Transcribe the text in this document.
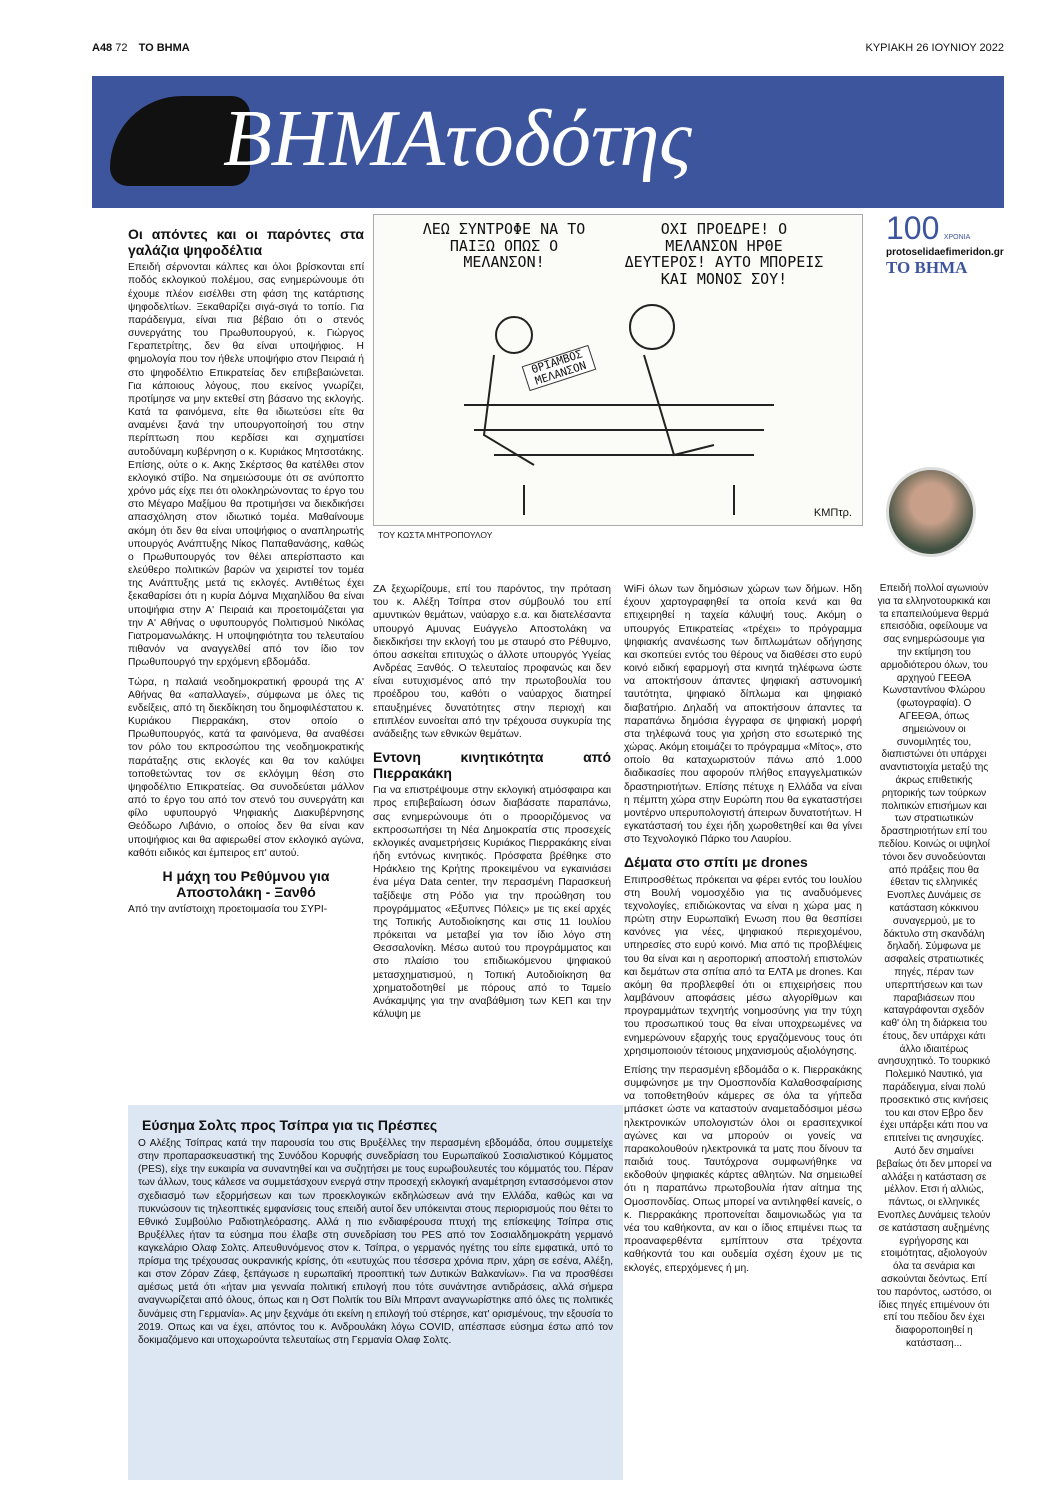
A48 72 ΤΟ ΒΗΜΑ	ΚΥΡΙΑΚΗ 26 ΙΟΥΝΙΟΥ 2022
ΒΗΜΑτοδότης
Οι απόντες και οι παρόντες στα γαλάζια ψηφοδέλτια

Επειδή σέρνονται κάλπες και όλοι βρίσκονται επί ποδός εκλογικού πολέμου, σας ενημερώνουμε ότι έχουμε πλέον εισέλθει στη φάση της κατάρτισης ψηφοδελτίων. Ξεκαθαρίζει σιγά-σιγά το τοπίο. Για παράδειγμα, είναι πια βέβαιο ότι ο στενός συνεργάτης του Πρωθυπουργού, κ. Γιώργος Γεραπετρίτης, δεν θα είναι υποψήφιος. Η φημολογία που τον ήθελε υποψήφιο στον Πειραιά ή στο ψηφοδέλτιο Επικρατείας δεν επιβεβαιώνεται. Για κάποιους λόγους, που εκείνος γνωρίζει, προτίμησε να μην εκτεθεί στη βάσανο της εκλογής. Κατά τα φαινόμενα, είτε θα ιδιωτεύσει είτε θα αναμένει ξανά την υπουργοποίησή του στην περίπτωση που κερδίσει και σχηματίσει αυτοδύναμη κυβέρνηση ο κ. Κυριάκος Μητσοτάκης. Επίσης, ούτε ο κ. Ακης Σκέρτσος θα κατέλθει στον εκλογικό στίβο. Να σημειώσουμε ότι σε ανύποπτο χρόνο μάς είχε πει ότι ολοκληρώνοντας το έργο του στο Μέγαρο Μαξίμου θα προτιμήσει να διεκδικήσει απασχόληση στον ιδιωτικό τομέα. Μαθαίνουμε ακόμη ότι δεν θα είναι υποψήφιος ο αναπληρωτής υπουργός Ανάπτυξης Νίκος Παπαθανάσης, καθώς ο Πρωθυπουργός τον θέλει απερίσπαστο και ελεύθερο πολιτικών βαρών να χειριστεί τον τομέα της Ανάπτυξης μετά τις εκλογές. Αντιθέτως έχει ξεκαθαρίσει ότι η κυρία Δόμνα Μιχαηλίδου θα είναι υποψήφια στην Α' Πειραιά και προετοιμάζεται για την Α' Αθήνας ο υφυπουργός Πολιτισμού Νικόλας Γιατρομανωλάκης. Η υποψηφιότητα του τελευταίου πιθανόν να αναγγελθεί από τον ίδιο τον Πρωθυπουργό την ερχόμενη εβδομάδα.

Τώρα, η παλαιά νεοδημοκρατική φρουρά της Α' Αθήνας θα «απαλλαγεί», σύμφωνα με όλες τις ενδείξεις, από τη διεκδίκηση του δημοφιλέστατου κ. Κυριάκου Πιερρακάκη, στον οποίο ο Πρωθυπουργός, κατά τα φαινόμενα, θα αναθέσει τον ρόλο του εκπροσώπου της νεοδημοκρατικής παράταξης στις εκλογές και θα τον καλύψει τοποθετώντας τον σε εκλόγιμη θέση στο ψηφοδέλτιο Επικρατείας. Θα συνοδεύεται μάλλον από το έργο του από τον στενό του συνεργάτη και φίλο υφυπουργό Ψηφιακής Διακυβέρνησης Θεόδωρο Λιβάνιο, ο οποίος δεν θα είναι καν υποψήφιος και θα αφιερωθεί στον εκλογικό αγώνα, καθότι ειδικός και έμπειρος επ' αυτού.

Η μάχη του Ρεθύμνου για Αποστολάκη - Ξανθό

Από την αντίστοιχη προετοιμασία του ΣΥΡΙ-

ΛΕΩ ΣΥΝΤΡΟΦΕ ΝΑ ΤΟ ΠΑΙΞΩ ΟΠΩΣ Ο ΜΕΛΑΝΣΟΝ!
ΟΧΙ ΠΡΟΕΔΡΕ! Ο ΜΕΛΑΝΣΟΝ ΗΡΘΕ ΔΕΥΤΕΡΟΣ! ΑΥΤΟ ΜΠΟΡΕΙΣ ΚΑΙ ΜΟΝΟΣ ΣΟΥ!
ΘΡΙΑΜΒΟΣ ΜΕΛΑΝΣΟΝ
ΚΜΠτρ.
ΤΟΥ ΚΩΣΤΑ ΜΗΤΡΟΠΟΥΛΟΥ

ΖΑ ξεχωρίζουμε, επί του παρόντος, την πρόταση του κ. Αλέξη Τσίπρα στον σύμβουλό του επί αμυντικών θεμάτων, ναύαρχο ε.α. και διατελέσαντα υπουργό Αμυνας Ευάγγελο Αποστολάκη να διεκδικήσει την εκλογή του με σταυρό στο Ρέθυμνο, όπου ασκείται επιτυχώς ο άλλοτε υπουργός Υγείας Ανδρέας Ξανθός. Ο τελευταίος προφανώς και δεν είναι ευτυχισμένος από την πρωτοβουλία του προέδρου του, καθότι ο ναύαρχος διατηρεί επαυξημένες δυνατότητες στην περιοχή και επιπλέον ευνοείται από την τρέχουσα συγκυρία της ανάδειξης των εθνικών θεμάτων.

Εντονη κινητικότητα από Πιερρακάκη

Για να επιστρέψουμε στην εκλογική ατμόσφαιρα και προς επιβεβαίωση όσων διαβάσατε παραπάνω, σας ενημερώνουμε ότι ο προοριζόμενος να εκπροσωπήσει τη Νέα Δημοκρατία στις προσεχείς εκλογικές αναμετρήσεις Κυριάκος Πιερρακάκης είναι ήδη εντόνως κινητικός. Πρόσφατα βρέθηκε στο Ηράκλειο της Κρήτης προκειμένου να εγκαινιάσει ένα μέγα Data center, την περασμένη Παρασκευή ταξίδεψε στη Ρόδο για την προώθηση του προγράμματος «Εξυπνες Πόλεις» με τις εκεί αρχές της Τοπικής Αυτοδιοίκησης και στις 11 Ιουλίου πρόκειται να μεταβεί για τον ίδιο λόγο στη Θεσσαλονίκη. Μέσω αυτού του προγράμματος και στο πλαίσιο του επιδιωκόμενου ψηφιακού μετασχηματισμού, η Τοπική Αυτοδιοίκηση θα χρηματοδοτηθεί με πόρους από το Ταμείο Ανάκαμψης για την αναβάθμιση των ΚΕΠ και την κάλυψη με

WiFi όλων των δημόσιων χώρων των δήμων. Ηδη έχουν χαρτογραφηθεί τα οποία κενά και θα επιχειρηθεί η ταχεία κάλυψή τους. Ακόμη ο υπουργός Επικρατείας «τρέχει» το πρόγραμμα ψηφιακής ανανέωσης των διπλωμάτων οδήγησης και σκοπεύει εντός του θέρους να διαθέσει στο ευρύ κοινό ειδική εφαρμογή στα κινητά τηλέφωνα ώστε να αποκτήσουν άπαντες ψηφιακή αστυνομική ταυτότητα, ψηφιακό δίπλωμα και ψηφιακό διαβατήριο. Δηλαδή να αποκτήσουν άπαντες τα παραπάνω δημόσια έγγραφα σε ψηφιακή μορφή στα τηλέφωνά τους για χρήση στο εσωτερικό της χώρας. Ακόμη ετοιμάζει το πρόγραμμα «Μίτος», στο οποίο θα καταχωριστούν πάνω από 1.000 διαδικασίες που αφορούν πλήθος επαγγελματικών δραστηριοτήτων. Επίσης πέτυχε η Ελλάδα να είναι η πέμπτη χώρα στην Ευρώπη που θα εγκαταστήσει μοντέρνο υπερυπολογιστή άπειρων δυνατοτήτων. Η εγκατάστασή του έχει ήδη χωροθετηθεί και θα γίνει στο Τεχνολογικό Πάρκο του Λαυρίου.

Δέματα στο σπίτι με drones

Επιπροσθέτως πρόκειται να φέρει εντός του Ιουλίου στη Βουλή νομοσχέδιο για τις αναδυόμενες τεχνολογίες, επιδιώκοντας να είναι η χώρα μας η πρώτη στην Ευρωπαϊκή Ενωση που θα θεσπίσει κανόνες για νέες, ψηφιακού περιεχομένου, υπηρεσίες στο ευρύ κοινό. Μια από τις προβλέψεις του θα είναι και η αεροπορική αποστολή επιστολών και δεμάτων στα σπίτια από τα ΕΛΤΑ με drones. Και ακόμη θα προβλεφθεί ότι οι επιχειρήσεις που λαμβάνουν αποφάσεις μέσω αλγορίθμων και προγραμμάτων τεχνητής νοημοσύνης για την τύχη του προσωπικού τους θα είναι υποχρεωμένες να ενημερώνουν εξαρχής τους εργαζόμενους τους ότι χρησιμοποιούν τέτοιους μηχανισμούς αξιολόγησης.

Επίσης την περασμένη εβδομάδα ο κ. Πιερρακάκης συμφώνησε με την Ομοσπονδία Καλαθοσφαίρισης να τοποθετηθούν κάμερες σε όλα τα γήπεδα μπάσκετ ώστε να καταστούν αναμεταδόσιμοι μέσω ηλεκτρονικών υπολογιστών όλοι οι ερασιτεχνικοί αγώνες και να μπορούν οι γονείς να παρακολουθούν ηλεκτρονικά τα ματς που δίνουν τα παιδιά τους. Ταυτόχρονα συμφωνήθηκε να εκδοθούν ψηφιακές κάρτες αθλητών. Να σημειωθεί ότι η παραπάνω πρωτοβουλία ήταν αίτημα της Ομοσπονδίας. Οπως μπορεί να αντιληφθεί κανείς, ο κ. Πιερρακάκης προπονείται δαιμονιωδώς για τα νέα του καθήκοντα, αν και ο ίδιος επιμένει πως τα προαναφερθέντα εμπίπτουν στα τρέχοντα καθήκοντά του και ουδεμία σχέση έχουν με τις εκλογές, επερχόμενες ή μη.

Εύσημα Σολτς προς Τσίπρα για τις Πρέσπες

Ο Αλέξης Τσίπρας κατά την παρουσία του στις Βρυξέλλες την περασμένη εβδομάδα, όπου συμμετείχε στην προπαρασκευαστική της Συνόδου Κορυφής συνεδρίαση του Ευρωπαϊκού Σοσιαλιστικού Κόμματος (PES), είχε την ευκαιρία να συναντηθεί και να συζητήσει με τους ευρωβουλευτές του κόμματός του. Πέραν των άλλων, τους κάλεσε να συμμετάσχουν ενεργά στην προσεχή εκλογική αναμέτρηση εντασσόμενοι στον σχεδιασμό των εξορμήσεων και των προεκλογικών εκδηλώσεων ανά την Ελλάδα, καθώς και να πυκνώσουν τις τηλεοπτικές εμφανίσεις τους επειδή αυτοί δεν υπόκεινται στους περιορισμούς που θέτει το Εθνικό Συμβούλιο Ραδιοτηλεόρασης. Αλλά η πιο ενδιαφέρουσα πτυχή της επίσκεψης Τσίπρα στις Βρυξέλλες ήταν τα εύσημα που έλαβε στη συνεδρίαση του PES από τον Σοσιαλδημοκράτη γερμανό καγκελάριο Ολαφ Σολτς. Απευθυνόμενος στον κ. Τσίπρα, ο γερμανός ηγέτης του είπε εμφατικά, υπό το πρίσμα της τρέχουσας ουκρανικής κρίσης, ότι «ευτυχώς που τέσσερα χρόνια πριν, χάρη σε εσένα, Αλέξη, και στον Ζόραν Ζάεφ, ξεπάγωσε η ευρωπαϊκή προοπτική των Δυτικών Βαλκανίων». Για να προσθέσει αμέσως μετά ότι «ήταν μια γενναία πολιτική επιλογή που τότε συνάντησε αντιδράσεις, αλλά σήμερα αναγνωρίζεται από όλους, όπως και η Οστ Πολιτίκ του Βίλι Μπραντ αναγνωρίστηκε από όλες τις πολιτικές δυνάμεις στη Γερμανία». Ας μην ξεχνάμε ότι εκείνη η επιλογή τού στέρησε, κατ' ορισμένους, την εξουσία το 2019. Οπως και να έχει, απόντος του κ. Ανδρουλάκη λόγω COVID, απέσπασε εύσημα έστω από τον δοκιμαζόμενο και υποχωρούντα τελευταίως στη Γερμανία Ολαφ Σολτς.

100 ΧΡΟΝΙΑ
protoselidaefimeridon.gr
ΤΟ ΒΗΜΑ
Επειδή πολλοί αγωνιούν για τα ελληνοτουρκικά και τα επαπειλούμενα θερμά επεισόδια, οφείλουμε να σας ενημερώσουμε για την εκτίμηση του αρμοδιότερου όλων, του αρχηγού ΓΕΕΘΑ Κωνσταντίνου Φλώρου (φωτογραφία). Ο ΑΓΕΕΘΑ, όπως σημειώνουν οι συνομιλητές του, διαπιστώνει ότι υπάρχει αναντιστοιχία μεταξύ της άκρως επιθετικής ρητορικής των τούρκων πολιτικών επισήμων και των στρατιωτικών δραστηριοτήτων επί του πεδίου. Κοινώς οι υψηλοί τόνοι δεν συνοδεύονται από πράξεις που θα έθεταν τις ελληνικές Ενοπλες Δυνάμεις σε κατάσταση κόκκινου συναγερμού, με το δάκτυλο στη σκανδάλη δηλαδή. Σύμφωνα με ασφαλείς στρατιωτικές πηγές, πέραν των υπερπτήσεων και των παραβιάσεων που καταγράφονται σχεδόν καθ' όλη τη διάρκεια του έτους, δεν υπάρχει κάτι άλλο ιδιαιτέρως ανησυχητικό. Το τουρκικό Πολεμικό Ναυτικό, για παράδειγμα, είναι πολύ προσεκτικό στις κινήσεις του και στον Εβρο δεν έχει υπάρξει κάτι που να επιτείνει τις ανησυχίες. Αυτό δεν σημαίνει βεβαίως ότι δεν μπορεί να αλλάξει η κατάσταση σε μέλλον. Ετσι ή αλλιώς, πάντως, οι ελληνικές Ενοπλες Δυνάμεις τελούν σε κατάσταση αυξημένης εγρήγορσης και ετοιμότητας, αξιολογούν όλα τα σενάρια και ασκούνται δεόντως. Επί του παρόντος, ωστόσο, οι ίδιες πηγές επιμένουν ότι επί του πεδίου δεν έχει διαφοροποιηθεί η κατάσταση...
